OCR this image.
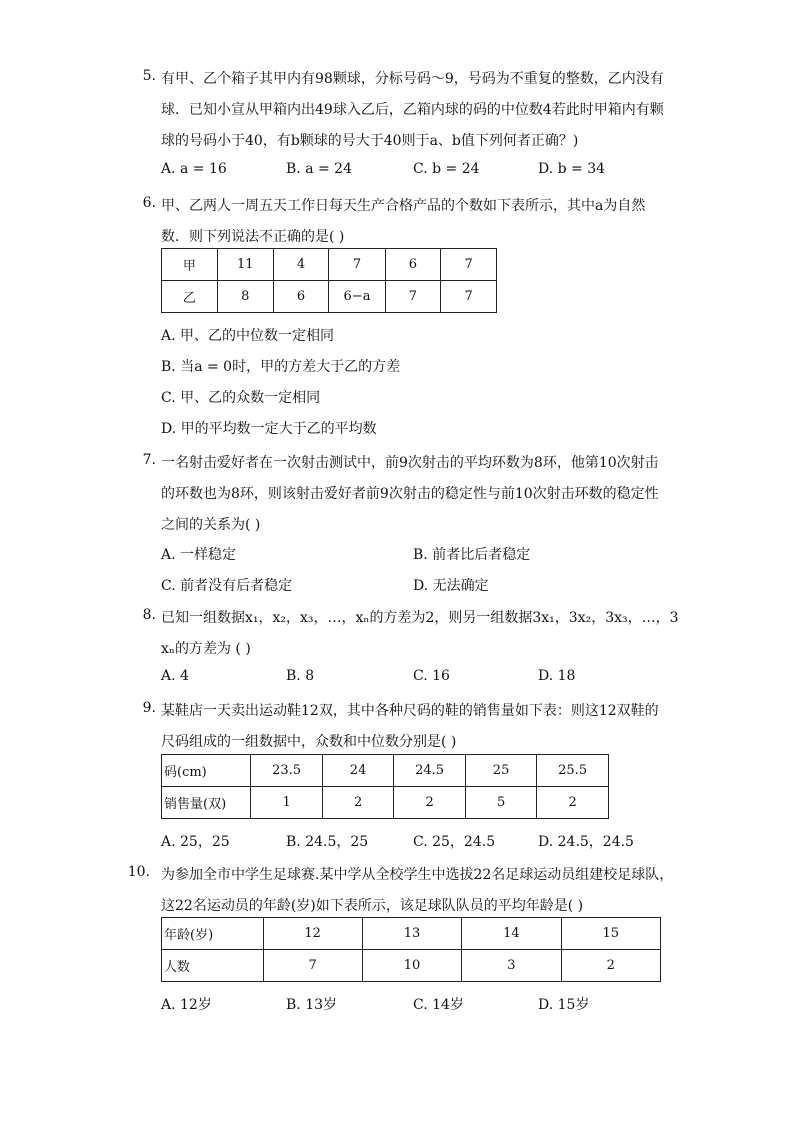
5. 有甲、乙个箱子其甲内有98颗球，分标号码～9，号码为不重复的整数，乙内没有
球．已知小宣从甲箱内出49球入乙后，乙箱内球的码的中位数4若此时甲箱内有颗
球的号码小于40，有b颗球的号大于40则于a、b值下列何者正确？)
A. a = 16	B. a = 24	C. b = 24	D. b = 34
6. 甲、乙两人一周五天工作日每天生产合格产品的个数如下表所示，其中a为自然
数．则下列说法不正确的是( )
甲	11	4	7	6	7
乙	8	6	6−a	7	7
A. 甲、乙的中位数一定相同
B. 当a = 0时，甲的方差大于乙的方差
C. 甲、乙的众数一定相同
D. 甲的平均数一定大于乙的平均数
7. 一名射击爱好者在一次射击测试中，前9次射击的平均环数为8环，他第10次射击
的环数也为8环，则该射击爱好者前9次射击的稳定性与前10次射击环数的稳定性
之间的关系为( )
A. 一样稳定	B. 前者比后者稳定
C. 前者没有后者稳定	D. 无法确定
8. 已知一组数据x₁，x₂，x₃，…，xₙ的方差为2，则另一组数据3x₁，3x₂，3x₃，…，3
xₙ的方差为 ( )
A. 4	B. 8	C. 16	D. 18
9. 某鞋店一天卖出运动鞋12双，其中各种尺码的鞋的销售量如下表：则这12双鞋的
尺码组成的一组数据中，众数和中位数分别是( )
码(cm)	23.5	24	24.5	25	25.5
销售量(双)	1	2	2	5	2
A. 25，25	B. 24.5，25	C. 25，24.5	D. 24.5，24.5
10. 为参加全市中学生足球赛.某中学从全校学生中选拔22名足球运动员组建校足球队，
这22名运动员的年龄(岁)如下表所示，该足球队队员的平均年龄是( )
年龄(岁)	12	13	14	15
人数	7	10	3	2
A. 12岁	B. 13岁	C. 14岁	D. 15岁
